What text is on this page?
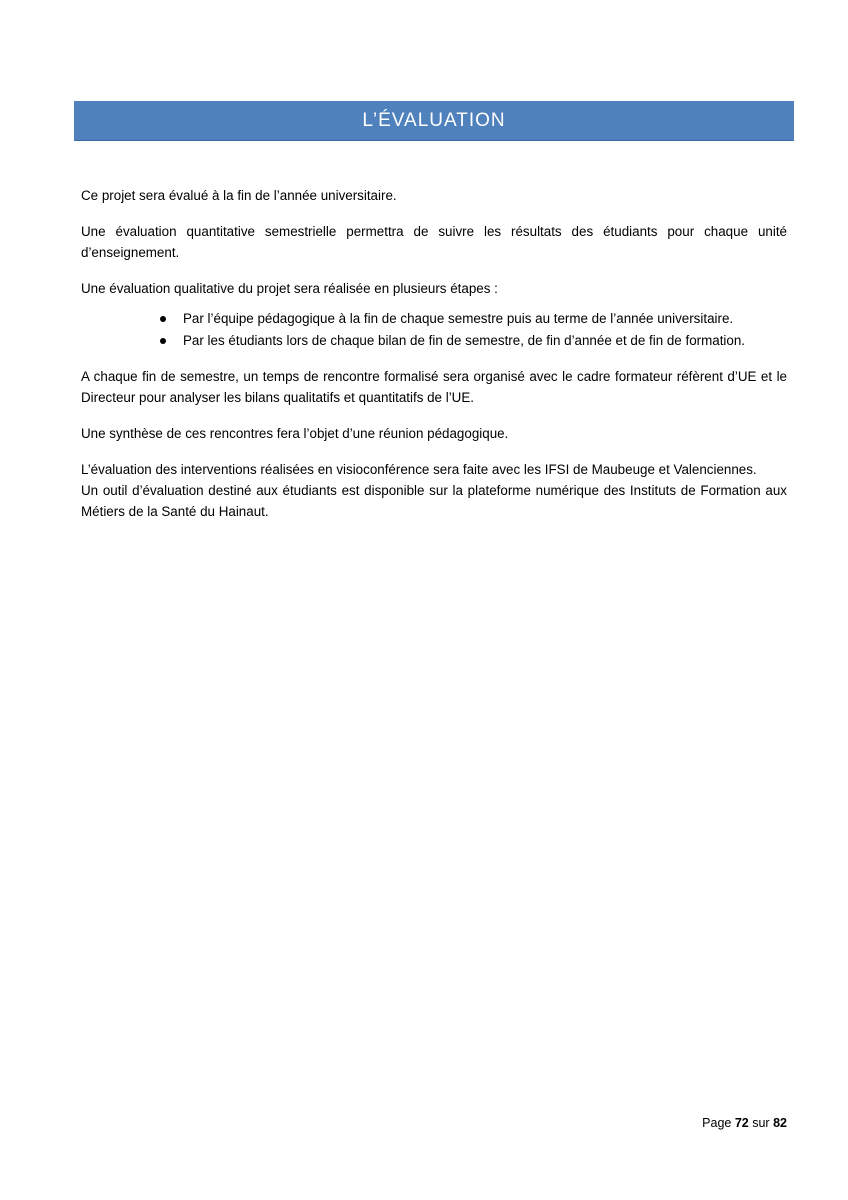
L’ÉVALUATION

Ce projet sera évalué à la fin de l’année universitaire.

Une évaluation quantitative semestrielle permettra de suivre les résultats des étudiants pour chaque unité d’enseignement.

Une évaluation qualitative du projet sera réalisée en plusieurs étapes :

Par l’équipe pédagogique à la fin de chaque semestre puis au terme de l’année universitaire.
Par les étudiants lors de chaque bilan de fin de semestre, de fin d’année et de fin de formation.

A chaque fin de semestre, un temps de rencontre formalisé sera organisé avec le cadre formateur réfèrent d’UE et le Directeur pour analyser les bilans qualitatifs et quantitatifs de l’UE.

Une synthèse de ces rencontres fera l’objet d’une réunion pédagogique.

L’évaluation des interventions réalisées en visioconférence sera faite avec les IFSI de Maubeuge et Valenciennes.

Un outil d’évaluation destiné aux étudiants est disponible sur la plateforme numérique des Instituts de Formation aux Métiers de la Santé du Hainaut.

Page 72 sur 82
